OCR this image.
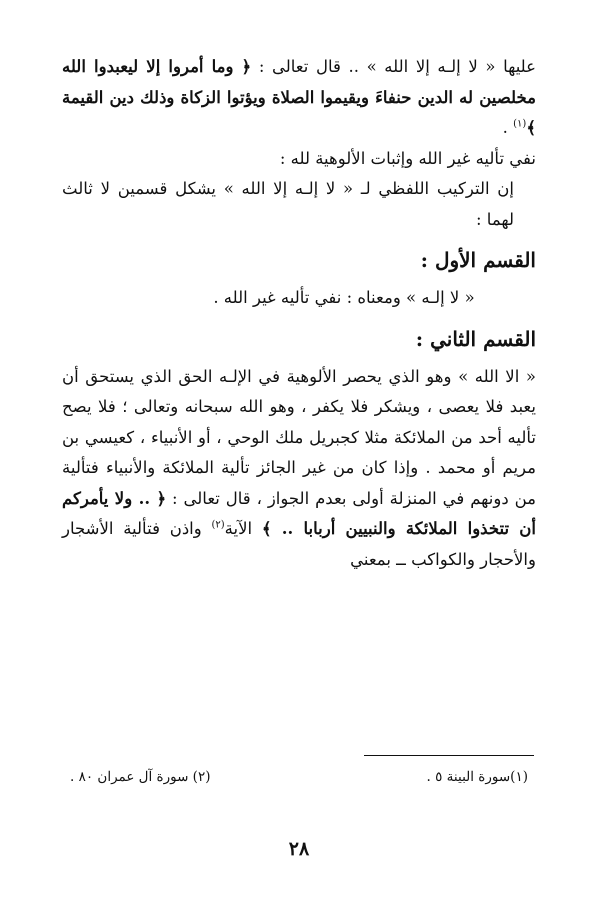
عليها « لا إلـه إلا الله » .. قال تعالى : ﴿ وما أمروا إلا ليعبدوا الله مخلصين له الدين حنفاءَ ويقيموا الصلاة ويؤتوا الزكاة وذلك دين القيمة ﴾$^{(١)}$ .

نفي تأليه غير الله وإثبات الألوهية لله :

إن التركيب اللفظي لـ « لا إلـه إلا الله » يشكل قسمين لا ثالث لهما :

القسم الأول :

« لا إلـه » ومعناه : نفي تأليه غير الله .

القسم الثاني :

« الا الله » وهو الذي يحصر الألوهية في الإلـه الحق الذي يستحق أن يعبد فلا يعصى ، ويشكر فلا يكفر ، وهو الله سبحانه وتعالى ؛ فلا يصح تأليه أحد من الملائكة مثلا كجبريل ملك الوحي ، أو الأنبياء ، كعيسي بن مريم أو محمد . وإذا كان من غير الجائز تألية الملائكة والأنبياء فتألية من دونهم في المنزلة أولى بعدم الجواز ، قال تعالى : ﴿ .. ولا يأمركم أن تتخذوا الملائكة والنبيين أربابا .. ﴾ الآية$^{(٢)}$ واذن فتألية الأشجار والأحجار والكواكب ــ بمعني

(١)سورة البينة ٥ .
(٢) سورة آل عمران ٨٠ .
٢٨
